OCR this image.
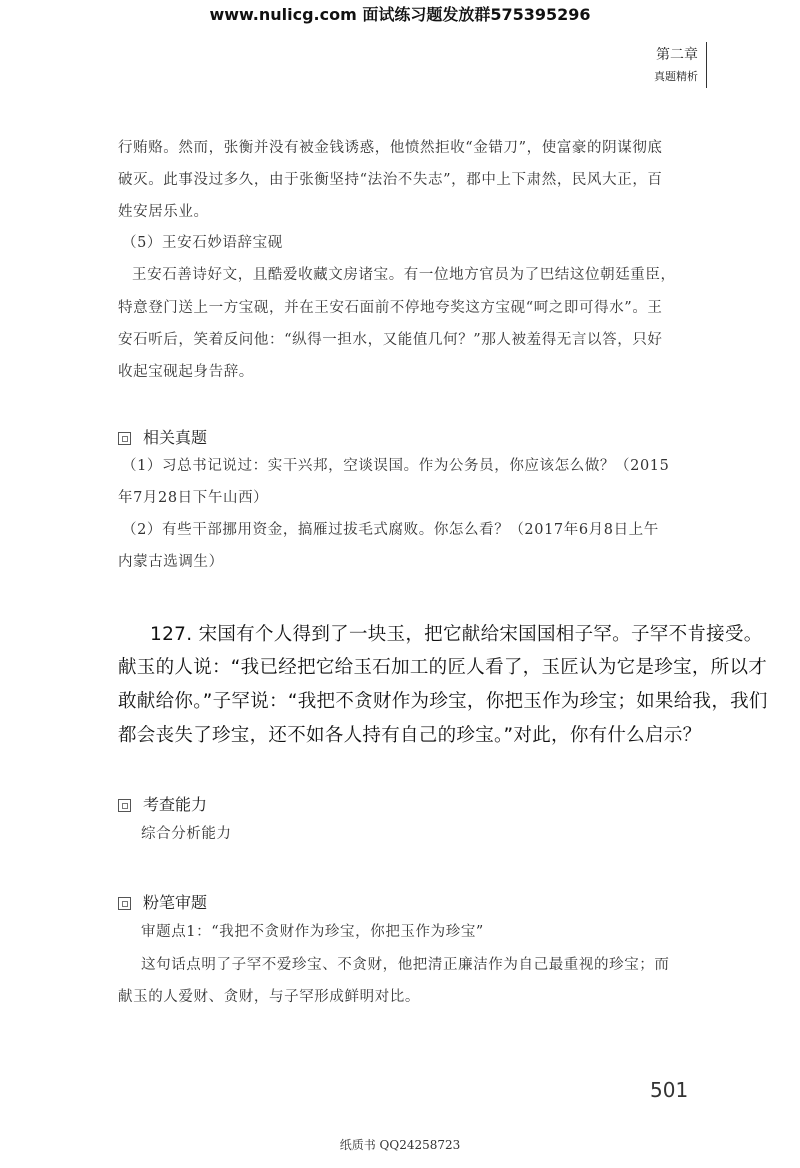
www.nulicg.com 面试练习题发放群575395296
第二章
真题精析
行贿赂。然而，张衡并没有被金钱诱惑，他愤然拒收“金错刀”，使富豪的阴谋彻底
破灭。此事没过多久，由于张衡坚持“法治不失志”，郡中上下肃然，民风大正，百
姓安居乐业。
（5）王安石妙语辞宝砚
王安石善诗好文，且酷爱收藏文房诸宝。有一位地方官员为了巴结这位朝廷重臣，
特意登门送上一方宝砚，并在王安石面前不停地夸奖这方宝砚“呵之即可得水”。王
安石听后，笑着反问他：“纵得一担水，又能值几何？”那人被羞得无言以答，只好
收起宝砚起身告辞。
相关真题
（1）习总书记说过：实干兴邦，空谈误国。作为公务员，你应该怎么做？（2015
年7月28日下午山西）
（2）有些干部挪用资金，搞雁过拔毛式腐败。你怎么看？（2017年6月8日上午
内蒙古选调生）
127. 宋国有个人得到了一块玉，把它献给宋国国相子罕。子罕不肯接受。
献玉的人说：“我已经把它给玉石加工的匠人看了，玉匠认为它是珍宝，所以才
敢献给你。”子罕说：“我把不贪财作为珍宝，你把玉作为珍宝；如果给我，我们
都会丧失了珍宝，还不如各人持有自己的珍宝。”对此，你有什么启示？
考查能力
综合分析能力
粉笔审题
审题点1：“我把不贪财作为珍宝，你把玉作为珍宝”
这句话点明了子罕不爱珍宝、不贪财，他把清正廉洁作为自己最重视的珍宝；而
献玉的人爱财、贪财，与子罕形成鲜明对比。
501
纸质书 QQ24258723
